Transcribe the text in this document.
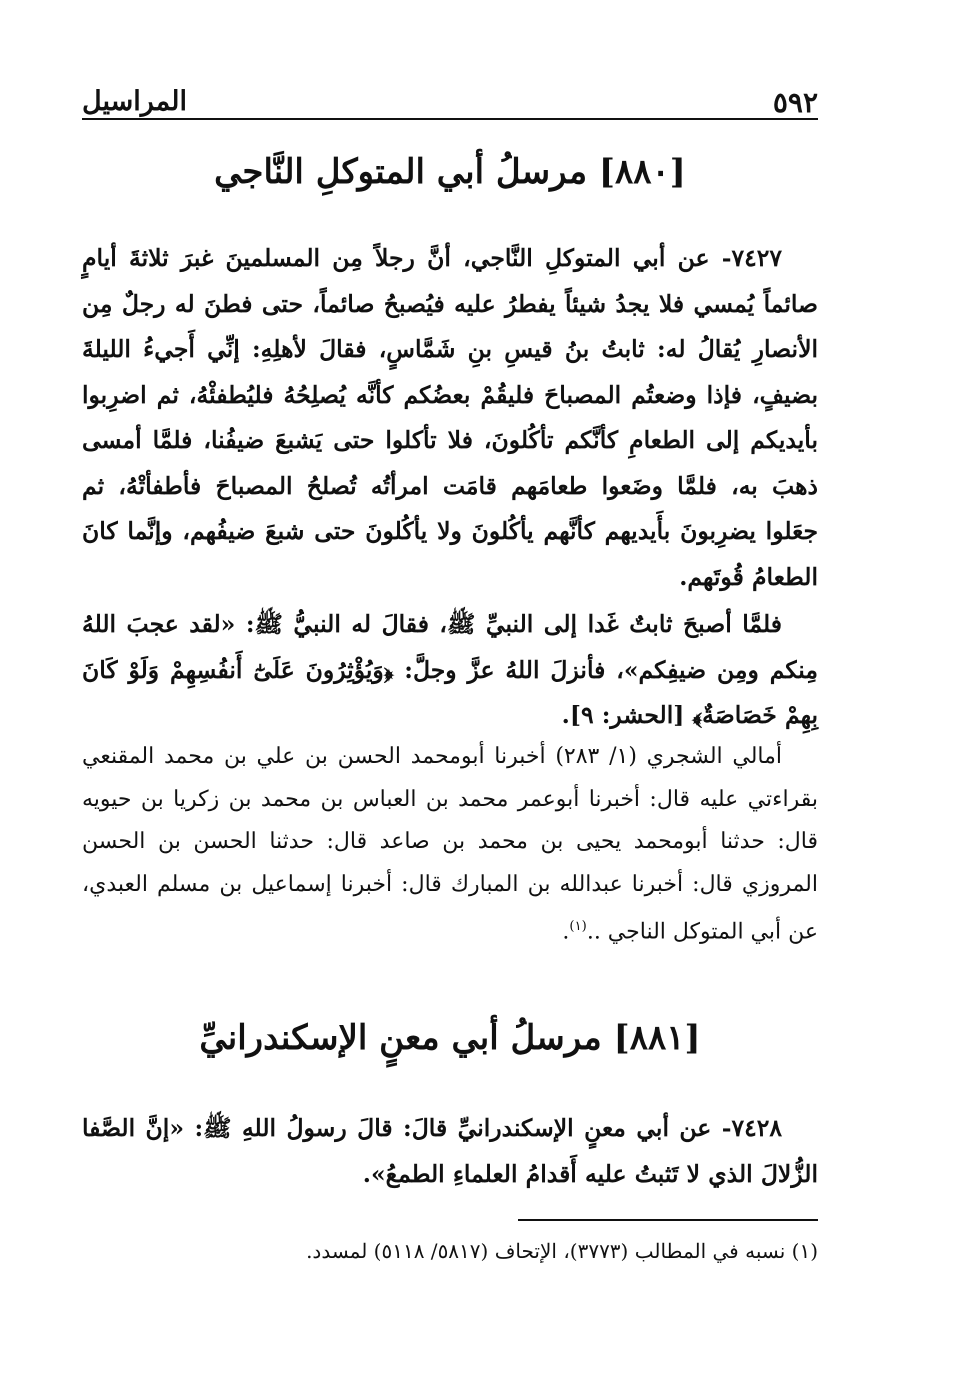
٥٩٢
المراسيل
[٨٨٠] مرسلُ أبي المتوكلِ النَّاجي

٧٤٢٧- عن أبي المتوكلِ النَّاجي، أنَّ رجلاً مِن المسلمينَ غبرَ ثلاثةَ أيامٍ صائماً يُمسي فلا يجدُ شيئاً يفطرُ عليه فيُصبحُ صائماً، حتى فطنَ له رجلٌ مِن الأنصارِ يُقالُ له: ثابتُ بنُ قيسِ بنِ شَمَّاسٍ، فقالَ لأهلِهِ: إنِّي أَجيءُ الليلةَ بضيفٍ، فإذا وضعتُم المصباحَ فليقُمْ بعضُكم كأنَّه يُصلِحُهُ فليُطفئْهُ، ثم اضرِبوا بأيديكم إلى الطعامِ كأنَّكم تأكُلونَ، فلا تأكلوا حتى يَشبعَ ضيفُنا، فلمَّا أمسى ذهبَ به، فلمَّا وضَعوا طعامَهم قامَت امرأتُه تُصلحُ المصباحَ فأطفأتْهُ، ثم جعَلوا يضرِبونَ بأَيديهم كأنَّهم يأكُلونَ ولا يأكُلونَ حتى شبعَ ضيفُهم، وإنَّما كانَ الطعامُ قُوتَهم.

فلمَّا أصبحَ ثابتٌ غَدا إلى النبيِّ ﷺ، فقالَ له النبيُّ ﷺ: «لقد عجبَ اللهُ مِنكم ومِن ضيفِكم»، فأنزلَ اللهُ عزَّ وجلَّ: ﴿وَيُؤْثِرُونَ عَلَىٰٓ أَنفُسِهِمْ وَلَوْ كَانَ بِهِمْ خَصَاصَةٌ﴾ [الحشر: ٩].

أمالي الشجري (١/ ٢٨٣) أخبرنا أبومحمد الحسن بن علي بن محمد المقنعي بقراءتي عليه قال: أخبرنا أبوعمر محمد بن العباس بن محمد بن زكريا بن حيويه قال: حدثنا أبومحمد يحيى بن محمد بن صاعد قال: حدثنا الحسن بن الحسن المروزي قال: أخبرنا عبدالله بن المبارك قال: أخبرنا إسماعيل بن مسلم العبدي، عن أبي المتوكل الناجي ..$^{(١)}$.

[٨٨١] مرسلُ أبي معنٍ الإسكندرانيِّ

٧٤٢٨- عن أبي معنٍ الإسكندرانيِّ قالَ: قالَ رسولُ اللهِ ﷺ: «إنَّ الصَّفا الزُّلالَ الذي لا تَثبتُ عليه أَقدامُ العلماءِ الطمعُ».

(١) نسبه في المطالب (٣٧٧٣)، الإتحاف (٥٨١٧/ ٥١١٨) لمسدد.
